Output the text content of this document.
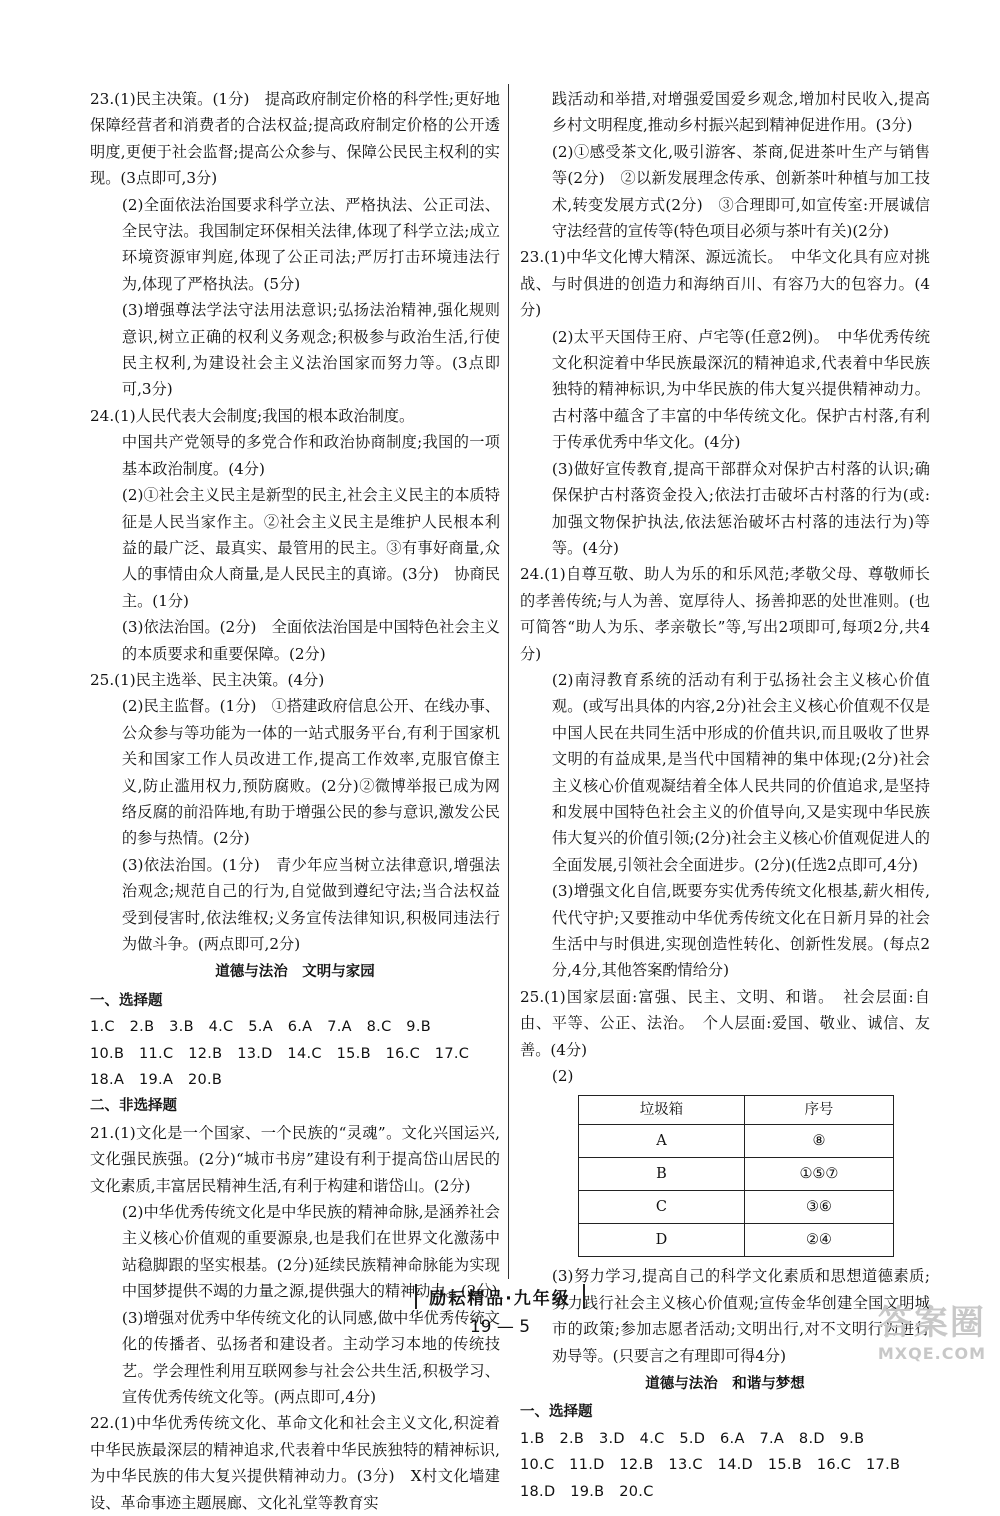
23.(1)民主决策。(1分)　提高政府制定价格的科学性;更好地保障经营者和消费者的合法权益;提高政府制定价格的公开透明度,更便于社会监督;提高公众参与、保障公民民主权利的实现。(3点即可,3分)

(2)全面依法治国要求科学立法、严格执法、公正司法、全民守法。我国制定环保相关法律,体现了科学立法;成立环境资源审判庭,体现了公正司法;严厉打击环境违法行为,体现了严格执法。(5分)

(3)增强尊法学法守法用法意识;弘扬法治精神,强化规则意识,树立正确的权利义务观念;积极参与政治生活,行使民主权利,为建设社会主义法治国家而努力等。(3点即可,3分)

24.(1)人民代表大会制度;我国的根本政治制度。

中国共产党领导的多党合作和政治协商制度;我国的一项基本政治制度。(4分)

(2)①社会主义民主是新型的民主,社会主义民主的本质特征是人民当家作主。②社会主义民主是维护人民根本利益的最广泛、最真实、最管用的民主。③有事好商量,众人的事情由众人商量,是人民民主的真谛。(3分)　协商民主。(1分)

(3)依法治国。(2分)　全面依法治国是中国特色社会主义的本质要求和重要保障。(2分)

25.(1)民主选举、民主决策。(4分)

(2)民主监督。(1分)　①搭建政府信息公开、在线办事、公众参与等功能为一体的一站式服务平台,有利于国家机关和国家工作人员改进工作,提高工作效率,克服官僚主义,防止滥用权力,预防腐败。(2分)②微博举报已成为网络反腐的前沿阵地,有助于增强公民的参与意识,激发公民的参与热情。(2分)

(3)依法治国。(1分)　青少年应当树立法律意识,增强法治观念;规范自己的行为,自觉做到遵纪守法;当合法权益受到侵害时,依法维权;义务宣传法律知识,积极同违法行为做斗争。(两点即可,2分)

道德与法治　文明与家园

一、选择题

1.C　2.B　3.B　4.C　5.A　6.A　7.A　8.C　9.B

10.B　11.C　12.B　13.D　14.C　15.B　16.C　17.C

18.A　19.A　20.B

二、非选择题

21.(1)文化是一个国家、一个民族的“灵魂”。文化兴国运兴,文化强民族强。(2分)“城市书房”建设有利于提高岱山居民的文化素质,丰富居民精神生活,有利于构建和谐岱山。(2分)

(2)中华优秀传统文化是中华民族的精神命脉,是涵养社会主义核心价值观的重要源泉,也是我们在世界文化激荡中站稳脚跟的坚实根基。(2分)延续民族精神命脉能为实现中国梦提供不竭的力量之源,提供强大的精神动力。(2分)

(3)增强对优秀中华传统文化的认同感,做中华优秀传统文化的传播者、弘扬者和建设者。主动学习本地的传统技艺。学会理性利用互联网参与社会公共生活,积极学习、宣传优秀传统文化等。(两点即可,4分)

22.(1)中华优秀传统文化、革命文化和社会主义文化,积淀着中华民族最深层的精神追求,代表着中华民族独特的精神标识,为中华民族的伟大复兴提供精神动力。(3分)　X村文化墙建设、革命事迹主题展廊、文化礼堂等教育实

践活动和举措,对增强爱国爱乡观念,增加村民收入,提高乡村文明程度,推动乡村振兴起到精神促进作用。(3分)

(2)①感受茶文化,吸引游客、茶商,促进茶叶生产与销售等(2分)　②以新发展理念传承、创新茶叶种植与加工技术,转变发展方式(2分)　③合理即可,如宣传室:开展诚信守法经营的宣传等(特色项目必须与茶叶有关)(2分)

23.(1)中华文化博大精深、源远流长。　中华文化具有应对挑战、与时俱进的创造力和海纳百川、有容乃大的包容力。(4分)

(2)太平天国侍王府、卢宅等(任意2例)。　中华优秀传统文化积淀着中华民族最深沉的精神追求,代表着中华民族独特的精神标识,为中华民族的伟大复兴提供精神动力。古村落中蕴含了丰富的中华传统文化。保护古村落,有利于传承优秀中华文化。(4分)

(3)做好宣传教育,提高干部群众对保护古村落的认识;确保保护古村落资金投入;依法打击破坏古村落的行为(或:加强文物保护执法,依法惩治破坏古村落的违法行为)等等。(4分)

24.(1)自尊互敬、助人为乐的和乐风范;孝敬父母、尊敬师长的孝善传统;与人为善、宽厚待人、扬善抑恶的处世准则。(也可简答“助人为乐、孝亲敬长”等,写出2项即可,每项2分,共4分)

(2)南浔教育系统的活动有利于弘扬社会主义核心价值观。(或写出具体的内容,2分)社会主义核心价值观不仅是中国人民在共同生活中形成的价值共识,而且吸收了世界文明的有益成果,是当代中国精神的集中体现;(2分)社会主义核心价值观凝结着全体人民共同的价值追求,是坚持和发展中国特色社会主义的价值导向,又是实现中华民族伟大复兴的价值引领;(2分)社会主义核心价值观促进人的全面发展,引领社会全面进步。(2分)(任选2点即可,4分)

(3)增强文化自信,既要夯实优秀传统文化根基,薪火相传,代代守护;又要推动中华优秀传统文化在日新月异的社会生活中与时俱进,实现创造性转化、创新性发展。(每点2分,4分,其他答案酌情给分)

25.(1)国家层面:富强、民主、文明、和谐。　社会层面:自由、平等、公正、法治。　个人层面:爱国、敬业、诚信、友善。(4分)

(2)

垃圾箱	序号
A	⑧
B	①⑤⑦
C	③⑥
D	②④

(3)努力学习,提高自己的科学文化素质和思想道德素质;努力践行社会主义核心价值观;宣传金华创建全国文明城市的政策;参加志愿者活动;文明出行,对不文明行为进行劝导等。(只要言之有理即可得4分)

道德与法治　和谐与梦想

一、选择题

1.B　2.B　3.D　4.C　5.D　6.A　7.A　8.D　9.B

10.C　11.D　12.B　13.C　14.D　15.B　16.C　17.B

18.D　19.B　20.C

励耘精品·九年级
19 — 5	答案圈
MXQE.COM
